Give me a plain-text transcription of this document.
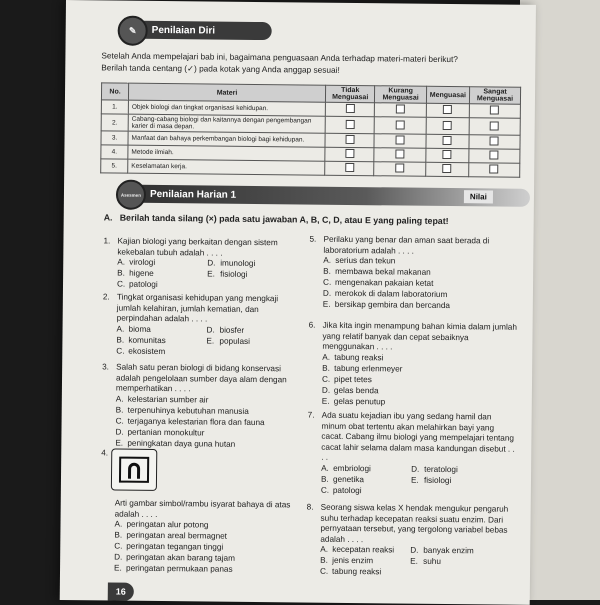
✎	Penilaian Diri
Setelah Anda mempelajari bab ini, bagaimana penguasaan Anda terhadap materi-materi berikut?
Berilah tanda centang (✓) pada kotak yang Anda anggap sesuai!
No.	Materi	Tidak Menguasai	Kurang Menguasai	Menguasai	Sangat Menguasai
1.	Objek biologi dan tingkat organisasi kehidupan.				
2.	Cabang-cabang biologi dan kaitannya dengan pengembangan karier di masa depan.				
3.	Manfaat dan bahaya perkembangan biologi bagi kehidupan.				
4.	Metode ilmiah.				
5.	Keselamatan kerja.				
Asesmen Penilaian Harian 1	Nilai
A. Berilah tanda silang (×) pada satu jawaban A, B, C, D, atau E yang paling tepat!
1. Kajian biologi yang berkaitan dengan sistem kekebalan tubuh adalah . . . .
A. virologi	D. imunologi
B. higene	E. fisiologi
C. patologi
2. Tingkat organisasi kehidupan yang mengkaji jumlah kelahiran, jumlah kematian, dan perpindahan adalah . . . .
A. bioma	D. biosfer
B. komunitas	E. populasi
C. ekosistem
3. Salah satu peran biologi di bidang konservasi adalah pengelolaan sumber daya alam dengan memperhatikan . . . .
A. kelestarian sumber air
B. terpenuhinya kebutuhan manusia
C. terjaganya kelestarian flora dan fauna
D. pertanian monokultur
E. peningkatan daya guna hutan
4.
Arti gambar simbol/rambu isyarat bahaya di atas adalah . . . .
A. peringatan alur potong
B. peringatan areal bermagnet
C. peringatan tegangan tinggi
D. peringatan akan barang tajam
E. peringatan permukaan panas
5. Perilaku yang benar dan aman saat berada di laboratorium adalah . . . .
A. serius dan tekun
B. membawa bekal makanan
C. mengenakan pakaian ketat
D. merokok di dalam laboratorium
E. bersikap gembira dan bercanda
6. Jika kita ingin menampung bahan kimia dalam jumlah yang relatif banyak dan cepat sebaiknya menggunakan . . . .
A. tabung reaksi
B. tabung erlenmeyer
C. pipet tetes
D. gelas benda
E. gelas penutup
7. Ada suatu kejadian ibu yang sedang hamil dan minum obat tertentu akan melahirkan bayi yang cacat. Cabang ilmu biologi yang mempelajari tentang cacat lahir selama dalam masa kandungan disebut . . . .
A. embriologi	D. teratologi
B. genetika	E. fisiologi
C. patologi
8. Seorang siswa kelas X hendak mengukur pengaruh suhu terhadap kecepatan reaksi suatu enzim. Dari pernyataan tersebut, yang tergolong variabel bebas adalah . . . .
A. kecepatan reaksi D. banyak enzim
B. jenis enzim	E. suhu
C. tabung reaksi
16
